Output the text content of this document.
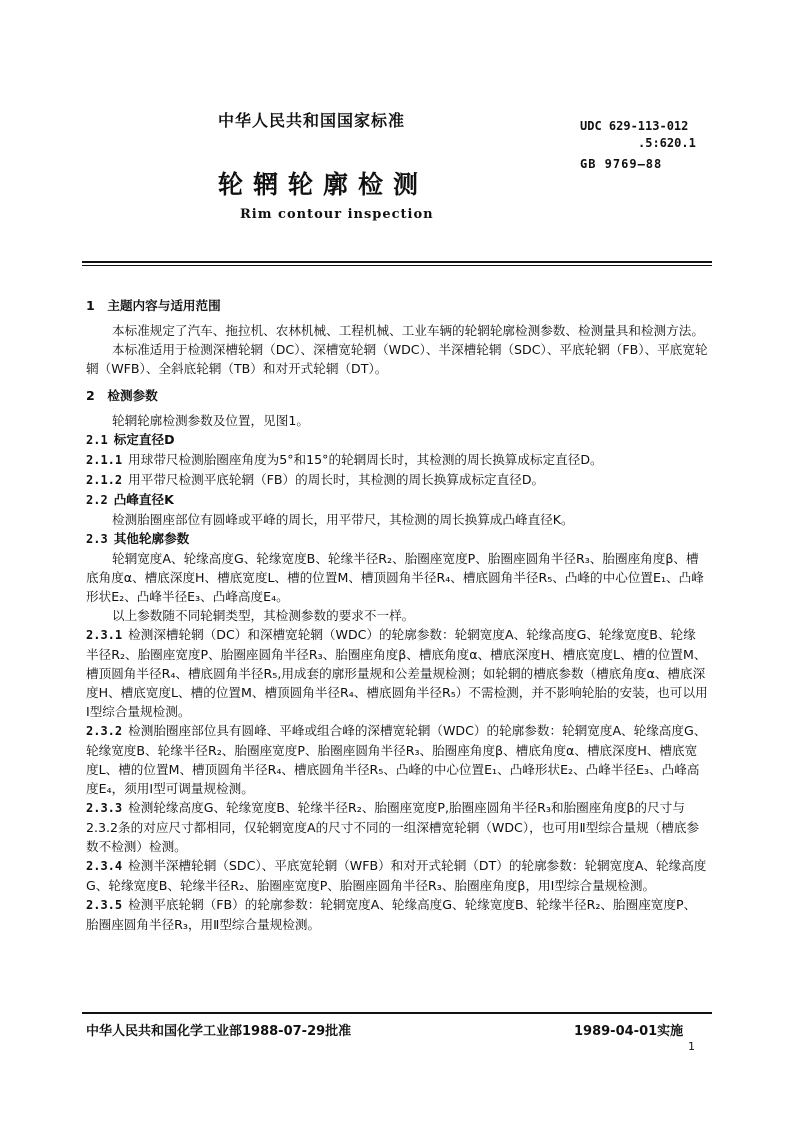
中华人民共和国国家标准
轮辋轮廓检测
Rim contour inspection
UDC 629-113-012
.5:620.1
GB 9769—88

1　主题内容与适用范围

本标准规定了汽车、拖拉机、农林机械、工程机械、工业车辆的轮辋轮廓检测参数、检测量具和检测方法。

本标准适用于检测深槽轮辋（DC）、深槽宽轮辋（WDC）、半深槽轮辋（SDC）、平底轮辋（FB）、平底宽轮辋（WFB）、全斜底轮辋（TB）和对开式轮辋（DT）。

2　检测参数

轮辋轮廓检测参数及位置，见图1。

2.1 标定直径D

2.1.1 用球带尺检测胎圈座角度为5°和15°的轮辋周长时，其检测的周长换算成标定直径D。

2.1.2 用平带尺检测平底轮辋（FB）的周长时，其检测的周长换算成标定直径D。

2.2 凸峰直径K

检测胎圈座部位有圆峰或平峰的周长，用平带尺，其检测的周长换算成凸峰直径K。

2.3 其他轮廓参数

轮辋宽度A、轮缘高度G、轮缘宽度B、轮缘半径R₂、胎圈座宽度P、胎圈座圆角半径R₃、胎圈座角度β、槽底角度α、槽底深度H、槽底宽度L、槽的位置M、槽顶圆角半径R₄、槽底圆角半径R₅、凸峰的中心位置E₁、凸峰形状E₂、凸峰半径E₃、凸峰高度E₄。

以上参数随不同轮辋类型，其检测参数的要求不一样。

2.3.1 检测深槽轮辋（DC）和深槽宽轮辋（WDC）的轮廓参数：轮辋宽度A、轮缘高度G、轮缘宽度B、轮缘半径R₂、胎圈座宽度P、胎圈座圆角半径R₃、胎圈座角度β、槽底角度α、槽底深度H、槽底宽度L、槽的位置M、槽顶圆角半径R₄、槽底圆角半径R₅,用成套的廓形量规和公差量规检测；如轮辋的槽底参数（槽底角度α、槽底深度H、槽底宽度L、槽的位置M、槽顶圆角半径R₄、槽底圆角半径R₅）不需检测，并不影响轮胎的安装，也可以用Ⅰ型综合量规检测。

2.3.2 检测胎圈座部位具有圆峰、平峰或组合峰的深槽宽轮辋（WDC）的轮廓参数：轮辋宽度A、轮缘高度G、轮缘宽度B、轮缘半径R₂、胎圈座宽度P、胎圈座圆角半径R₃、胎圈座角度β、槽底角度α、槽底深度H、槽底宽度L、槽的位置M、槽顶圆角半径R₄、槽底圆角半径R₅、凸峰的中心位置E₁、凸峰形状E₂、凸峰半径E₃、凸峰高度E₄，须用Ⅰ型可调量规检测。

2.3.3 检测轮缘高度G、轮缘宽度B、轮缘半径R₂、胎圈座宽度P,胎圈座圆角半径R₃和胎圈座角度β的尺寸与2.3.2条的对应尺寸都相同，仅轮辋宽度A的尺寸不同的一组深槽宽轮辋（WDC），也可用Ⅱ型综合量规（槽底参数不检测）检测。

2.3.4 检测半深槽轮辋（SDC）、平底宽轮辋（WFB）和对开式轮辋（DT）的轮廓参数：轮辋宽度A、轮缘高度G、轮缘宽度B、轮缘半径R₂、胎圈座宽度P、胎圈座圆角半径R₃、胎圈座角度β，用Ⅰ型综合量规检测。

2.3.5 检测平底轮辋（FB）的轮廓参数：轮辋宽度A、轮缘高度G、轮缘宽度B、轮缘半径R₂、胎圈座宽度P、胎圈座圆角半径R₃，用Ⅱ型综合量规检测。

中华人民共和国化学工业部1988-07-29批准	1989-04-01实施
1
